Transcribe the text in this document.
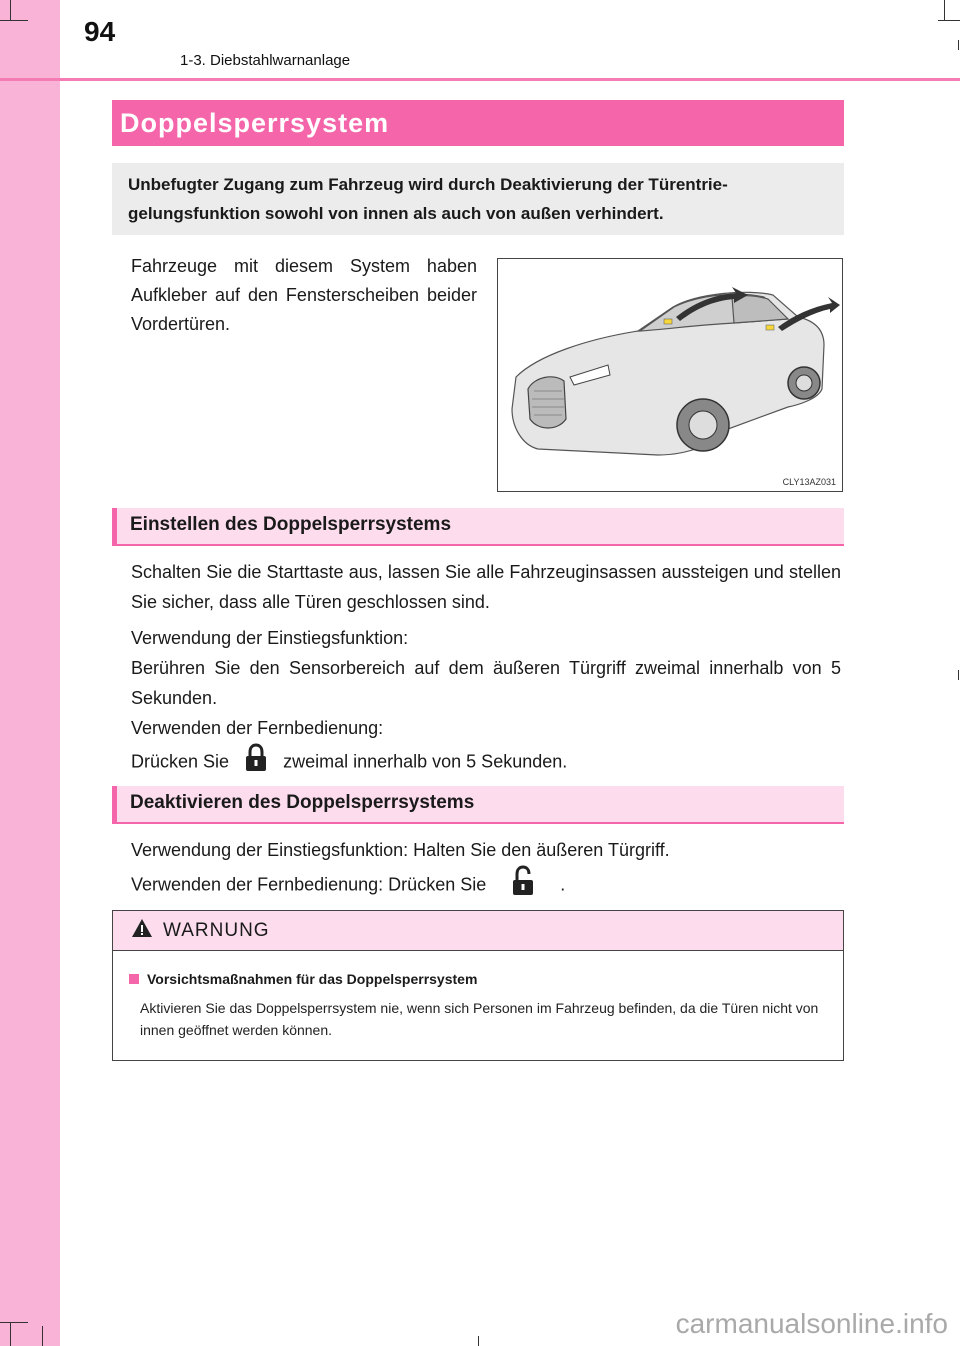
94
1-3. Diebstahlwarnanlage
Doppelsperrsystem
Unbefugter Zugang zum Fahrzeug wird durch Deaktivierung der Türentrie-gelungsfunktion sowohl von innen als auch von außen verhindert.
Fahrzeuge mit diesem System haben Aufkleber auf den Fensterscheiben beider Vordertüren.
CLY13AZ031
Einstellen des Doppelsperrsystems
Schalten Sie die Starttaste aus, lassen Sie alle Fahrzeuginsassen aussteigen und stellen Sie sicher, dass alle Türen geschlossen sind.
Verwendung der Einstiegsfunktion:
Berühren Sie den Sensorbereich auf dem äußeren Türgriff zweimal innerhalb von 5 Sekunden.
Verwenden der Fernbedienung:
Drücken Sie	zweimal innerhalb von 5 Sekunden.
Deaktivieren des Doppelsperrsystems
Verwendung der Einstiegsfunktion: Halten Sie den äußeren Türgriff.
Verwenden der Fernbedienung: Drücken Sie	.
WARNUNG
Vorsichtsmaßnahmen für das Doppelsperrsystem
Aktivieren Sie das Doppelsperrsystem nie, wenn sich Personen im Fahrzeug befinden, da die Türen nicht von innen geöffnet werden können.
carmanualsonline.info
